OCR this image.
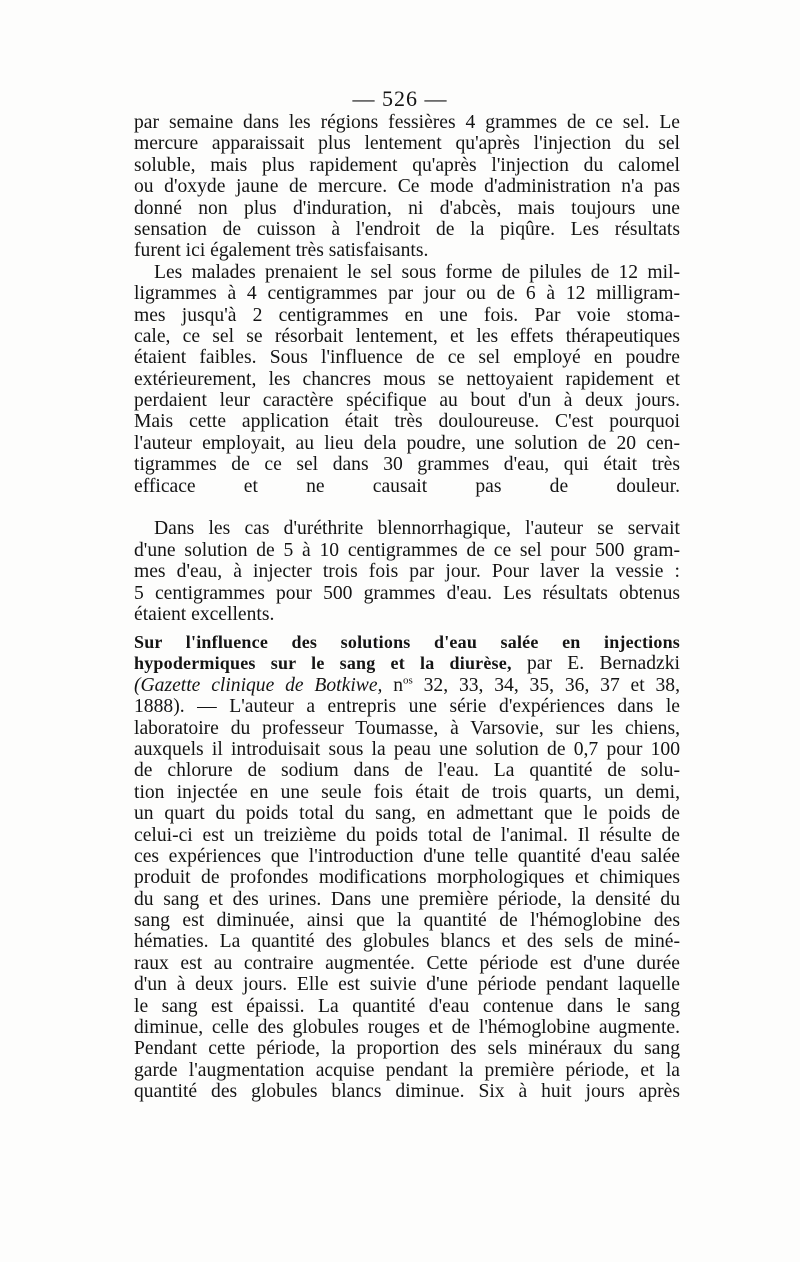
— 526 —
par semaine dans les régions fessières 4 grammes de ce sel. Le
mercure apparaissait plus lentement qu'après l'injection du sel
soluble, mais plus rapidement qu'après l'injection du calomel
ou d'oxyde jaune de mercure. Ce mode d'administration n'a pas
donné non plus d'induration, ni d'abcès, mais toujours une
sensation de cuisson à l'endroit de la piqûre. Les résultats
furent ici également très satisfaisants.
Les malades prenaient le sel sous forme de pilules de 12 mil-
ligrammes à 4 centigrammes par jour ou de 6 à 12 milligram-
mes jusqu'à 2 centigrammes en une fois. Par voie stoma-
cale, ce sel se résorbait lentement, et les effets thérapeutiques
étaient faibles. Sous l'influence de ce sel employé en poudre
extérieurement, les chancres mous se nettoyaient rapidement et
perdaient leur caractère spécifique au bout d'un à deux jours.
Mais cette application était très douloureuse. C'est pourquoi
l'auteur employait, au lieu dela poudre, une solution de 20 cen-
tigrammes de ce sel dans 30 grammes d'eau, qui était très
efficace et ne causait pas de douleur.
Dans les cas d'uréthrite blennorrhagique, l'auteur se servait
d'une solution de 5 à 10 centigrammes de ce sel pour 500 gram-
mes d'eau, à injecter trois fois par jour. Pour laver la vessie :
5 centigrammes pour 500 grammes d'eau. Les résultats obtenus
étaient excellents.
Sur l'influence des solutions d'eau salée en injections
hypodermiques sur le sang et la diurèse, par E. Bernadzki
(Gazette clinique de Botkiwe, $n^{os}$ 32, 33, 34, 35, 36, 37 et 38,
1888). — L'auteur a entrepris une série d'expériences dans le
laboratoire du professeur Toumasse, à Varsovie, sur les chiens,
auxquels il introduisait sous la peau une solution de 0,7 pour 100
de chlorure de sodium dans de l'eau. La quantité de solu-
tion injectée en une seule fois était de trois quarts, un demi,
un quart du poids total du sang, en admettant que le poids de
celui-ci est un treizième du poids total de l'animal. Il résulte de
ces expériences que l'introduction d'une telle quantité d'eau salée
produit de profondes modifications morphologiques et chimiques
du sang et des urines. Dans une première période, la densité du
sang est diminuée, ainsi que la quantité de l'hémoglobine des
hématies. La quantité des globules blancs et des sels de miné-
raux est au contraire augmentée. Cette période est d'une durée
d'un à deux jours. Elle est suivie d'une période pendant laquelle
le sang est épaissi. La quantité d'eau contenue dans le sang
diminue, celle des globules rouges et de l'hémoglobine augmente.
Pendant cette période, la proportion des sels minéraux du sang
garde l'augmentation acquise pendant la première période, et la
quantité des globules blancs diminue. Six à huit jours après
